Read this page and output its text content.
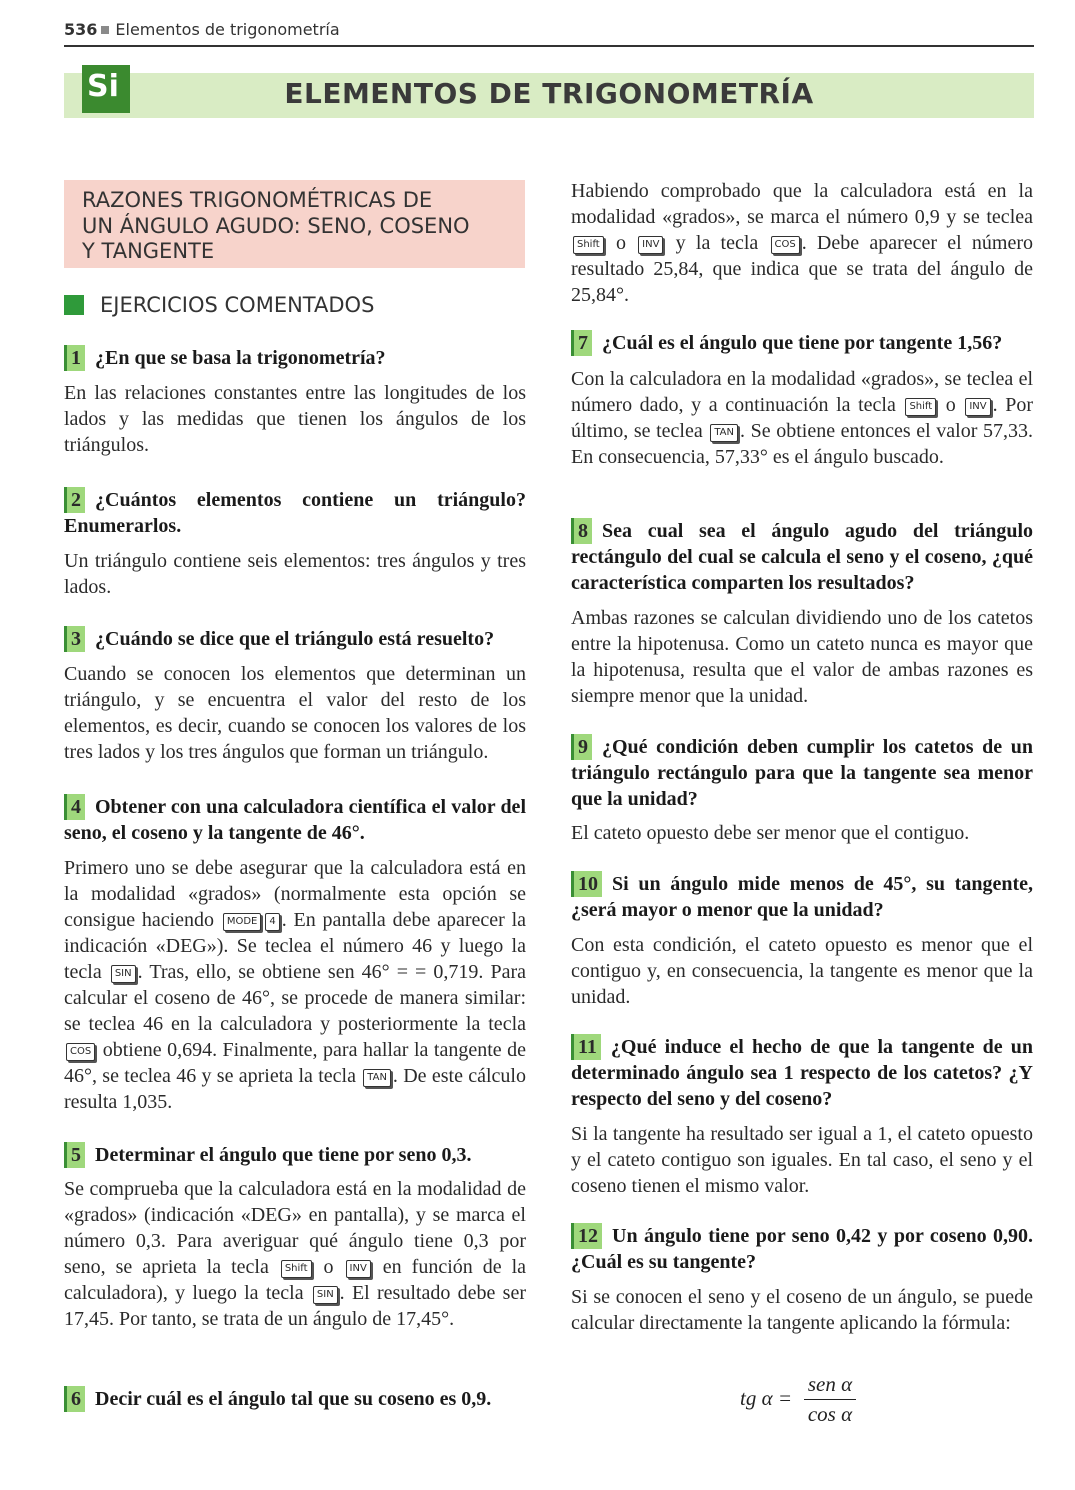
536 Elementos de trigonometría
ELEMENTOS DE TRIGONOMETRÍA
Si
RAZONES TRIGONOMÉTRICAS DE
UN ÁNGULO AGUDO: SENO, COSENO
Y TANGENTE
EJERCICIOS COMENTADOS
1 ¿En que se basa la trigonometría?
En las relaciones constantes entre las longitudes de los lados y las medidas que tienen los ángulos de los triángulos.
2 ¿Cuántos elementos contiene un triángulo? Enumerarlos.
Un triángulo contiene seis elementos: tres ángulos y tres lados.
3 ¿Cuándo se dice que el triángulo está resuelto?
Cuando se conocen los elementos que determinan un triángulo, y se encuentra el valor del resto de los elementos, es decir, cuando se conocen los valores de los tres lados y los tres ángulos que forman un triángulo.
4 Obtener con una calculadora científica el valor del seno, el coseno y la tangente de 46°.
Primero uno se debe asegurar que la calculadora está en la modalidad «grados» (normalmente esta opción se consigue haciendo MODE 4 . En pantalla debe aparecer la indicación «DEG»). Se teclea el número 46 y luego la tecla SIN . Tras, ello, se obtiene sen 46° = = 0,719. Para calcular el coseno de 46°, se procede de manera similar: se teclea 46 en la calculadora y posteriormente la tecla COS obtiene 0,694. Finalmente, para hallar la tangente de 46°, se teclea 46 y se aprieta la tecla TAN . De este cálculo resulta 1,035.
5 Determinar el ángulo que tiene por seno 0,3.
Se comprueba que la calculadora está en la modalidad de «grados» (indicación «DEG» en pantalla), y se marca el número 0,3. Para averiguar qué ángulo tiene 0,3 por seno, se aprieta la tecla Shift o INV en función de la calculadora), y luego la tecla SIN . El resultado debe ser 17,45. Por tanto, se trata de un ángulo de 17,45°.
6 Decir cuál es el ángulo tal que su coseno es 0,9.
Habiendo comprobado que la calculadora está en la modalidad «grados», se marca el número 0,9 y se teclea Shift o INV y la tecla COS . Debe aparecer el número resultado 25,84, que indica que se trata del ángulo de 25,84°.
7 ¿Cuál es el ángulo que tiene por tangente 1,56?
Con la calculadora en la modalidad «grados», se teclea el número dado, y a continuación la tecla Shift o INV . Por último, se teclea TAN . Se obtiene entonces el valor 57,33. En consecuencia, 57,33° es el ángulo buscado.
8 Sea cual sea el ángulo agudo del triángulo rectángulo del cual se calcula el seno y el coseno, ¿qué característica comparten los resultados?
Ambas razones se calculan dividiendo uno de los catetos entre la hipotenusa. Como un cateto nunca es mayor que la hipotenusa, resulta que el valor de ambas razones es siempre menor que la unidad.
9 ¿Qué condición deben cumplir los catetos de un triángulo rectángulo para que la tangente sea menor que la unidad?
El cateto opuesto debe ser menor que el contiguo.
10 Si un ángulo mide menos de 45°, su tangente, ¿será mayor o menor que la unidad?
Con esta condición, el cateto opuesto es menor que el contiguo y, en consecuencia, la tangente es menor que la unidad.
11 ¿Qué induce el hecho de que la tangente de un determinado ángulo sea 1 respecto de los catetos? ¿Y respecto del seno y del coseno?
Si la tangente ha resultado ser igual a 1, el cateto opuesto y el cateto contiguo son iguales. En tal caso, el seno y el coseno tienen el mismo valor.
12 Un ángulo tiene por seno 0,42 y por coseno 0,90. ¿Cuál es su tangente?
Si se conocen el seno y el coseno de un ángulo, se puede calcular directamente la tangente aplicando la fórmula:
tg α =
sen α
cos α
